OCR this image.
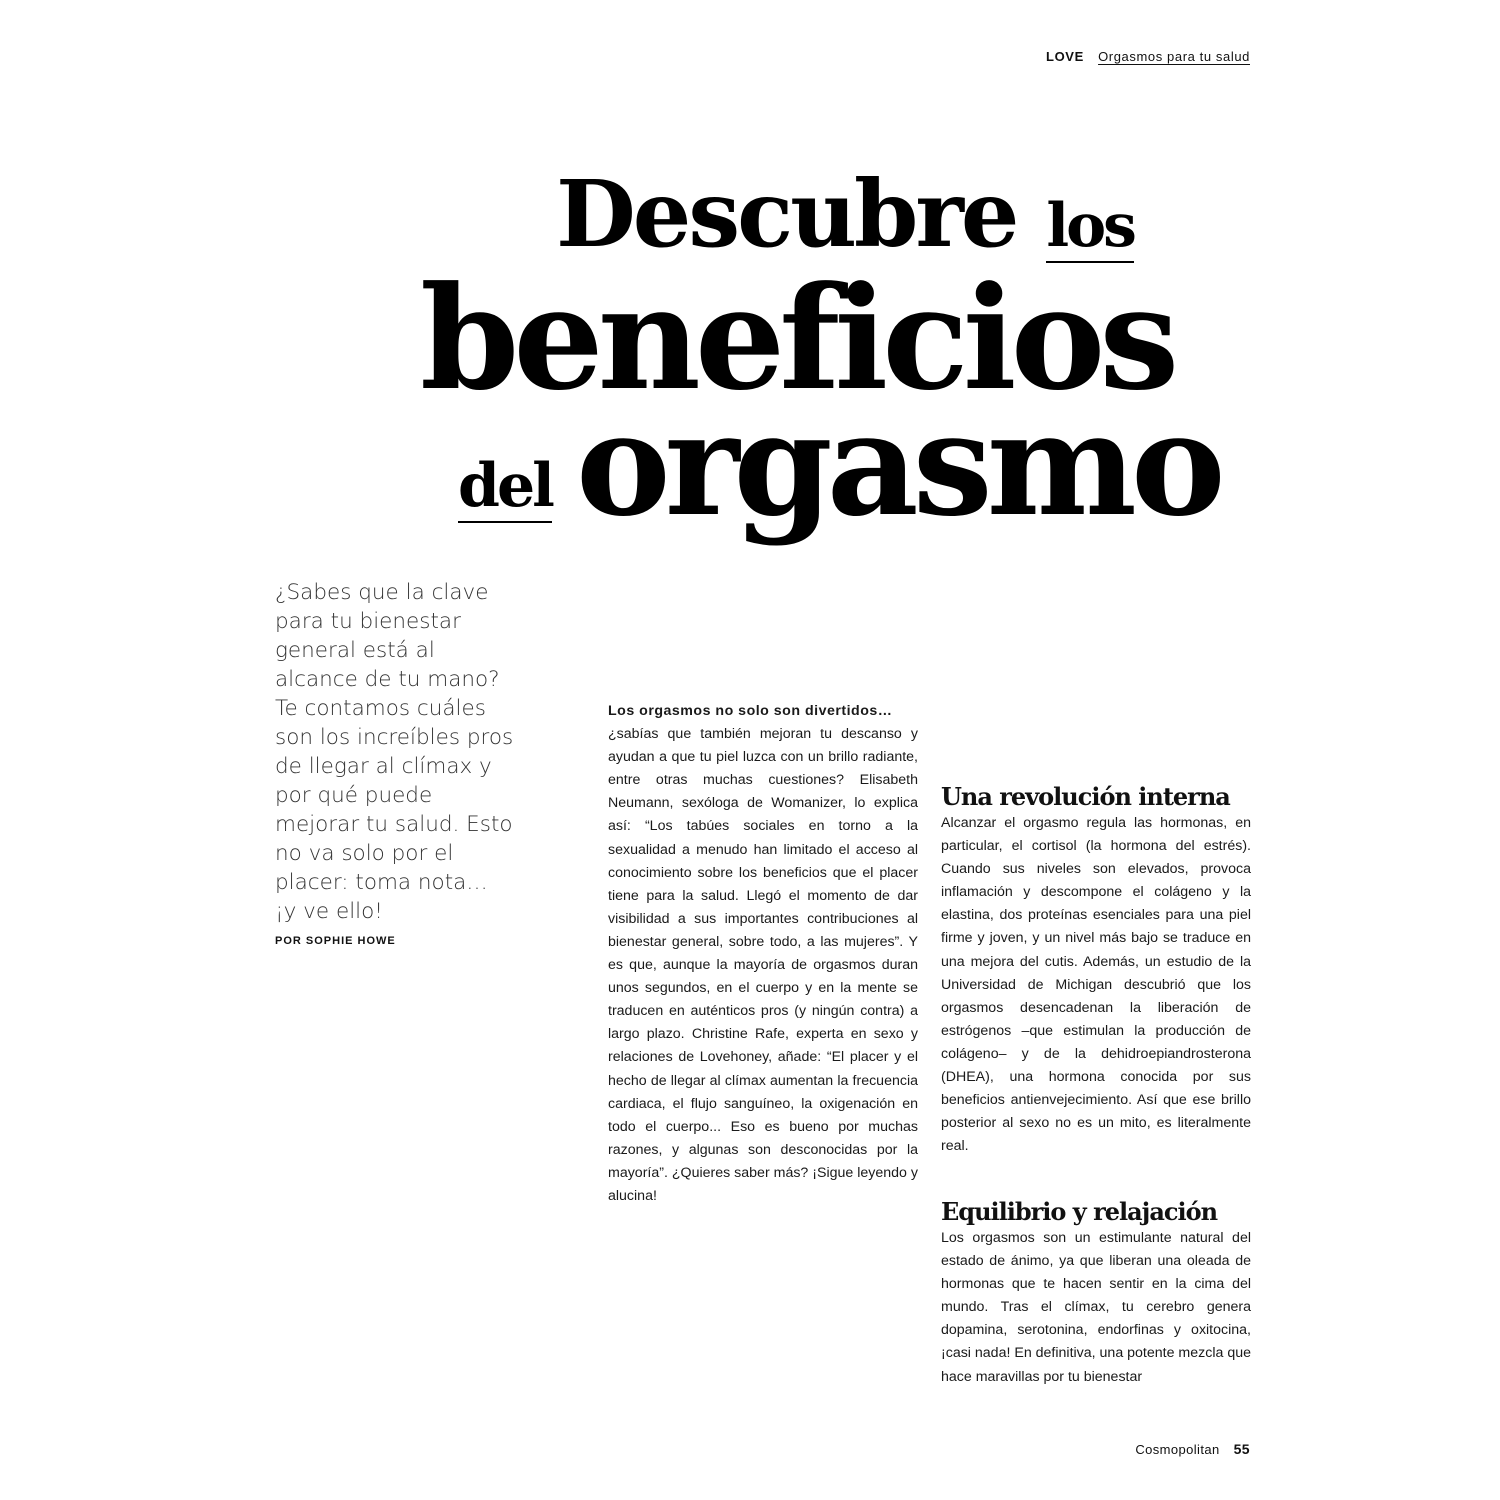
LOVE Orgasmos para tu salud
Descubre los
beneficios
del orgasmo
¿Sabes que la clave para tu bienestar general está al alcance de tu mano? Te contamos cuáles son los increíbles pros de llegar al clímax y por qué puede mejorar tu salud. Esto no va solo por el placer: toma nota… ¡y ve ello!
POR SOPHIE HOWE
Los orgasmos no solo son divertidos…
¿sabías que también mejoran tu descanso y ayudan a que tu piel luzca con un brillo radiante, entre otras muchas cuestiones? Elisabeth Neumann, sexóloga de Womanizer, lo explica así: “Los tabúes sociales en torno a la sexualidad a menudo han limitado el acceso al conocimiento sobre los beneficios que el placer tiene para la salud. Llegó el momento de dar visibilidad a sus importantes contribuciones al bienestar general, sobre todo, a las mujeres”. Y es que, aunque la mayoría de orgasmos duran unos segundos, en el cuerpo y en la mente se traducen en auténticos pros (y ningún contra) a largo plazo. Christine Rafe, experta en sexo y relaciones de Lovehoney, añade: “El placer y el hecho de llegar al clímax aumentan la frecuencia cardiaca, el flujo sanguíneo, la oxigenación en todo el cuerpo... Eso es bueno por muchas razones, y algunas son desconocidas por la mayoría”. ¿Quieres saber más? ¡Sigue leyendo y alucina!
Una revolución interna
Alcanzar el orgasmo regula las hormonas, en particular, el cortisol (la hormona del estrés). Cuando sus niveles son elevados, provoca inflamación y descompone el colágeno y la elastina, dos proteínas esenciales para una piel firme y joven, y un nivel más bajo se traduce en una mejora del cutis. Además, un estudio de la Universidad de Michigan descubrió que los orgasmos desencadenan la liberación de estrógenos –que estimulan la producción de colágeno– y de la dehidroepiandrosterona (DHEA), una hormona conocida por sus beneficios antienvejecimiento. Así que ese brillo posterior al sexo no es un mito, es literalmente real.
Equilibrio y relajación
Los orgasmos son un estimulante natural del estado de ánimo, ya que liberan una oleada de hormonas que te hacen sentir en la cima del mundo. Tras el clímax, tu cerebro genera dopamina, serotonina, endorfinas y oxitocina, ¡casi nada! En definitiva, una potente mezcla que hace maravillas por tu bienestar
Cosmopolitan 55
